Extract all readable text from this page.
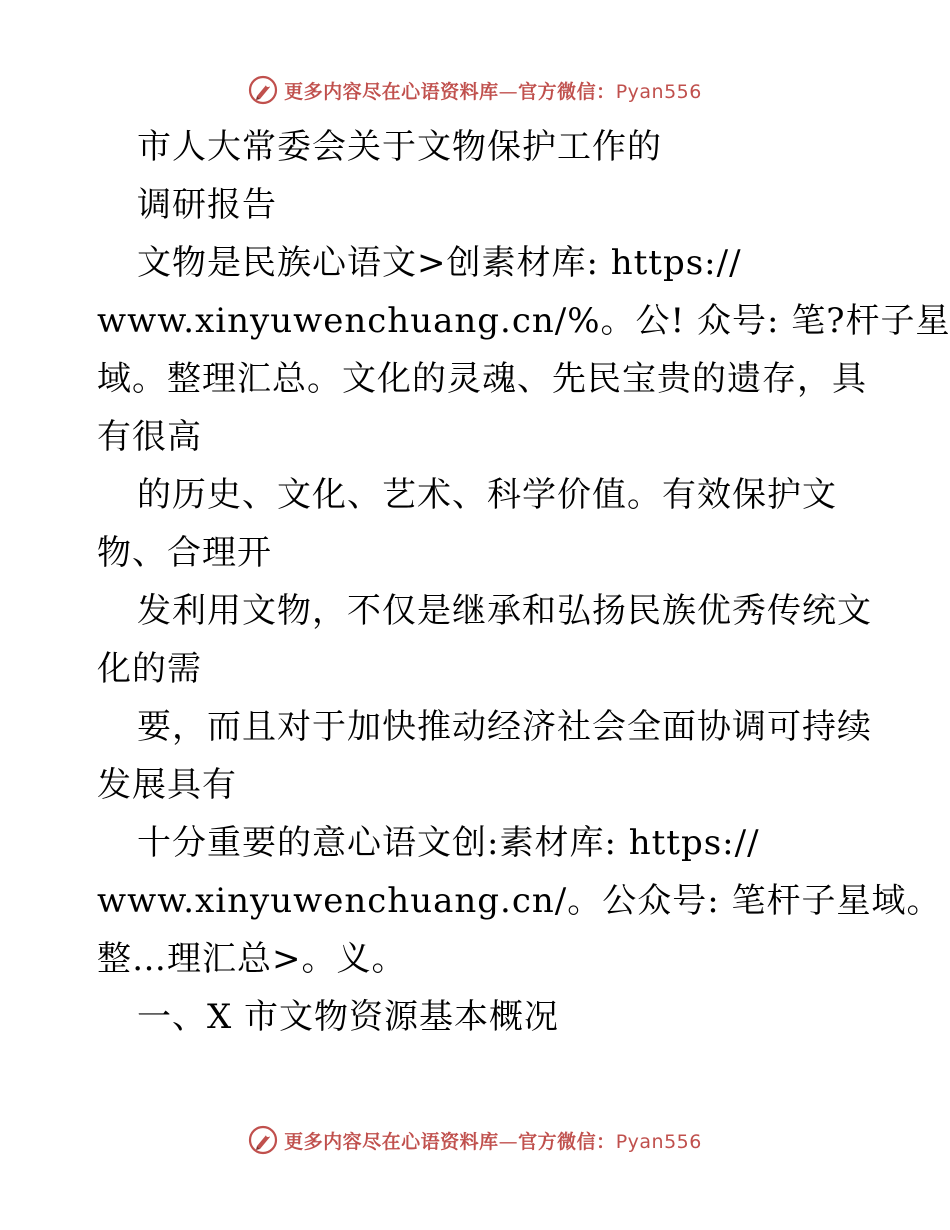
更多内容尽在心语资料库—官方微信：Pyan556
市人大常委会关于文物保护工作的
调研报告
文物是民族心语文>创素材库: https://
www.xinyuwenchuang.cn/%。公! 众号: 笔?杆子星
域。整理汇总。文化的灵魂、先民宝贵的遗存，具
有很高
的历史、文化、艺术、科学价值。有效保护文
物、合理开
发利用文物，不仅是继承和弘扬民族优秀传统文
化的需
要，而且对于加快推动经济社会全面协调可持续
发展具有
十分重要的意心语文创:素材库: https://
www.xinyuwenchuang.cn/。公众号: 笔杆子星域。
整…理汇总>。义。
一、X 市文物资源基本概况
更多内容尽在心语资料库—官方微信：Pyan556
